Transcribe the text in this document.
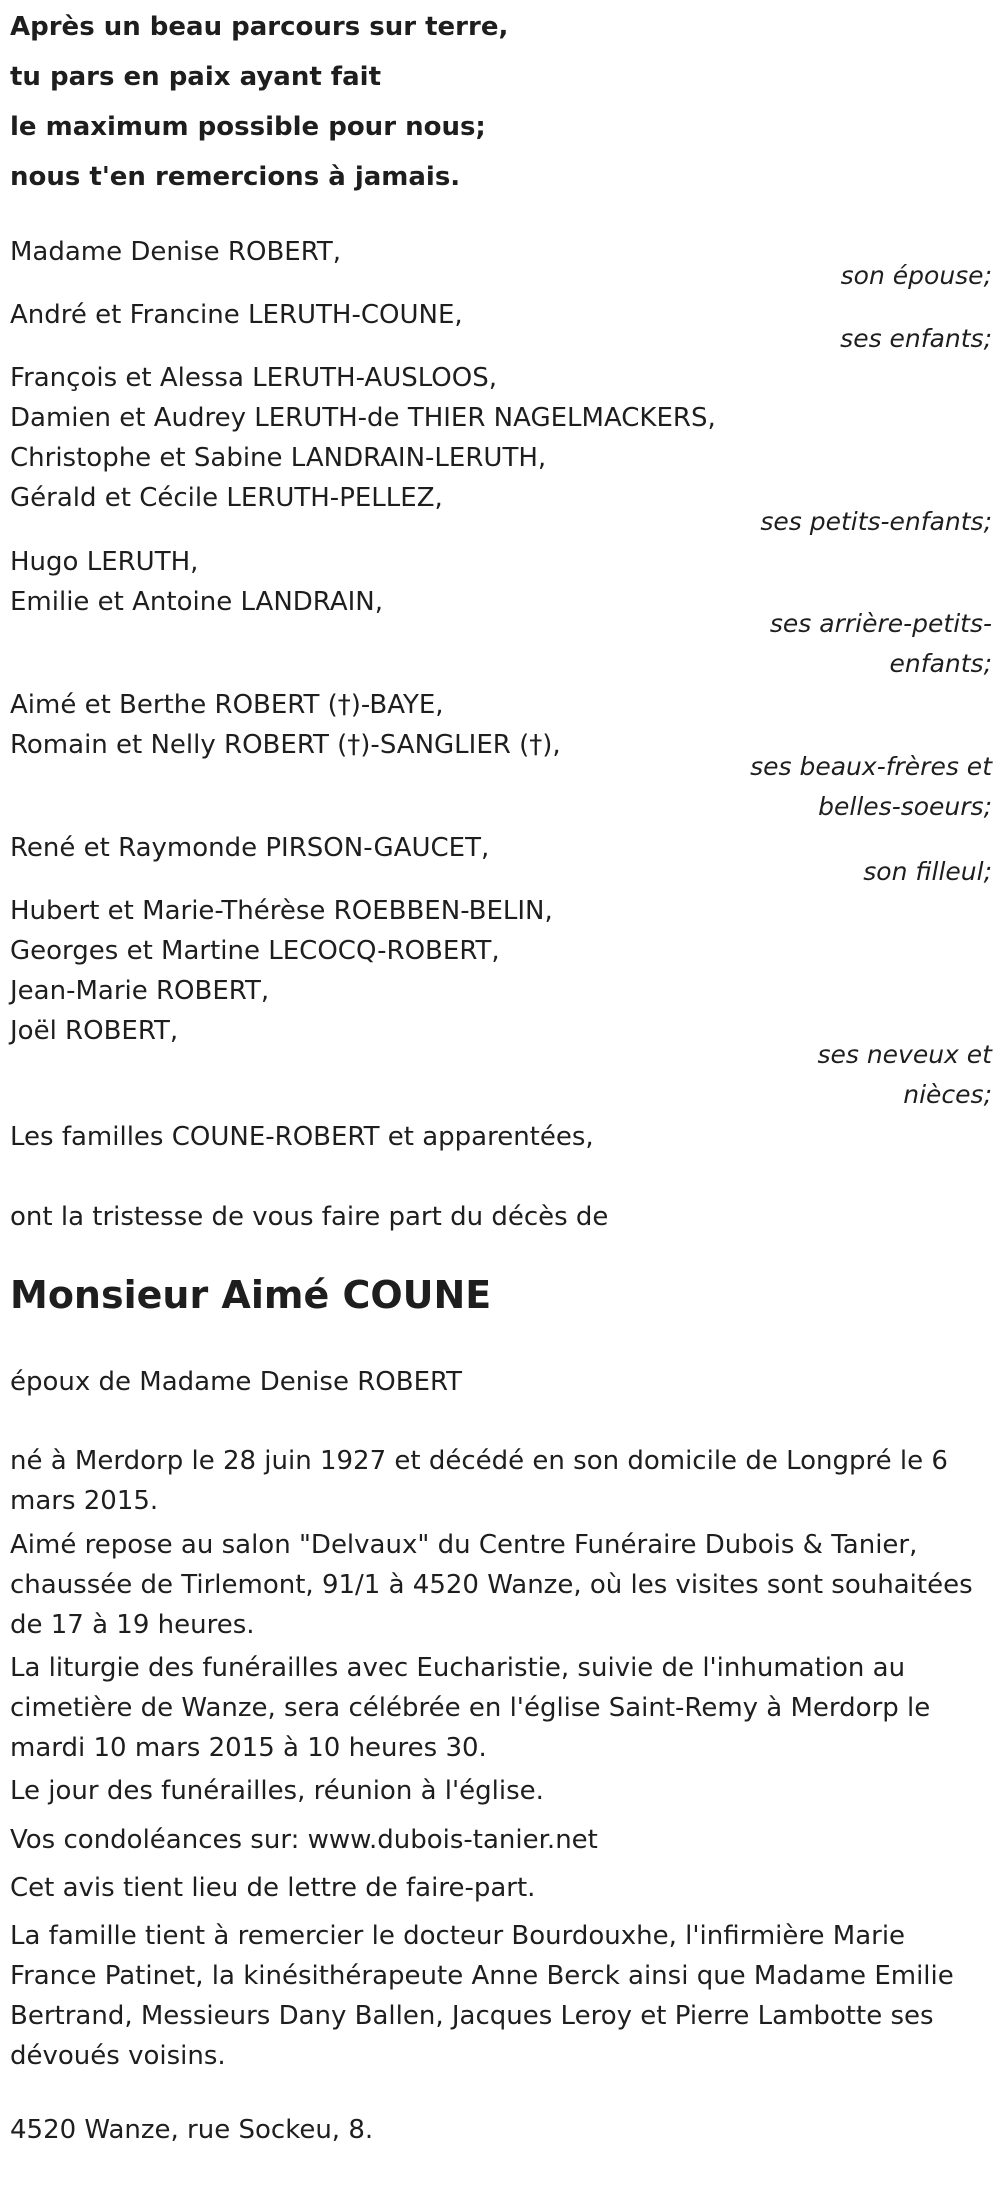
Après un beau parcours sur terre,
tu pars en paix ayant fait
le maximum possible pour nous;
nous t'en remercions à jamais.
Madame Denise ROBERT,
son épouse;
André et Francine LERUTH-COUNE,
ses enfants;
François et Alessa LERUTH-AUSLOOS,
Damien et Audrey LERUTH-de THIER NAGELMACKERS,
Christophe et Sabine LANDRAIN-LERUTH,
Gérald et Cécile LERUTH-PELLEZ,
ses petits-enfants;
Hugo LERUTH,
Emilie et Antoine LANDRAIN,
ses arrière-petits-enfants;
Aimé et Berthe ROBERT (†)-BAYE,
Romain et Nelly ROBERT (†)-SANGLIER (†),
ses beaux-frères et belles-soeurs;
René et Raymonde PIRSON-GAUCET,
son filleul;
Hubert et Marie-Thérèse ROEBBEN-BELIN,
Georges et Martine LECOCQ-ROBERT,
Jean-Marie ROBERT,
Joël ROBERT,
ses neveux et nièces;
Les familles COUNE-ROBERT et apparentées,
ont la tristesse de vous faire part du décès de
Monsieur Aimé COUNE
époux de Madame Denise ROBERT
né à Merdorp le 28 juin 1927 et décédé en son domicile de Longpré le 6 mars 2015.
Aimé repose au salon "Delvaux" du Centre Funéraire Dubois & Tanier, chaussée de Tirlemont, 91/1 à 4520 Wanze, où les visites sont souhaitées de 17 à 19 heures.
La liturgie des funérailles avec Eucharistie, suivie de l'inhumation au cimetière de Wanze, sera célébrée en l'église Saint-Remy à Merdorp le mardi 10 mars 2015 à 10 heures 30.
Le jour des funérailles, réunion à l'église.
Vos condoléances sur: www.dubois-tanier.net
Cet avis tient lieu de lettre de faire-part.
La famille tient à remercier le docteur Bourdouxhe, l'infirmière Marie France Patinet, la kinésithérapeute Anne Berck ainsi que Madame Emilie Bertrand, Messieurs Dany Ballen, Jacques Leroy et Pierre Lambotte ses dévoués voisins.
4520 Wanze, rue Sockeu, 8.
